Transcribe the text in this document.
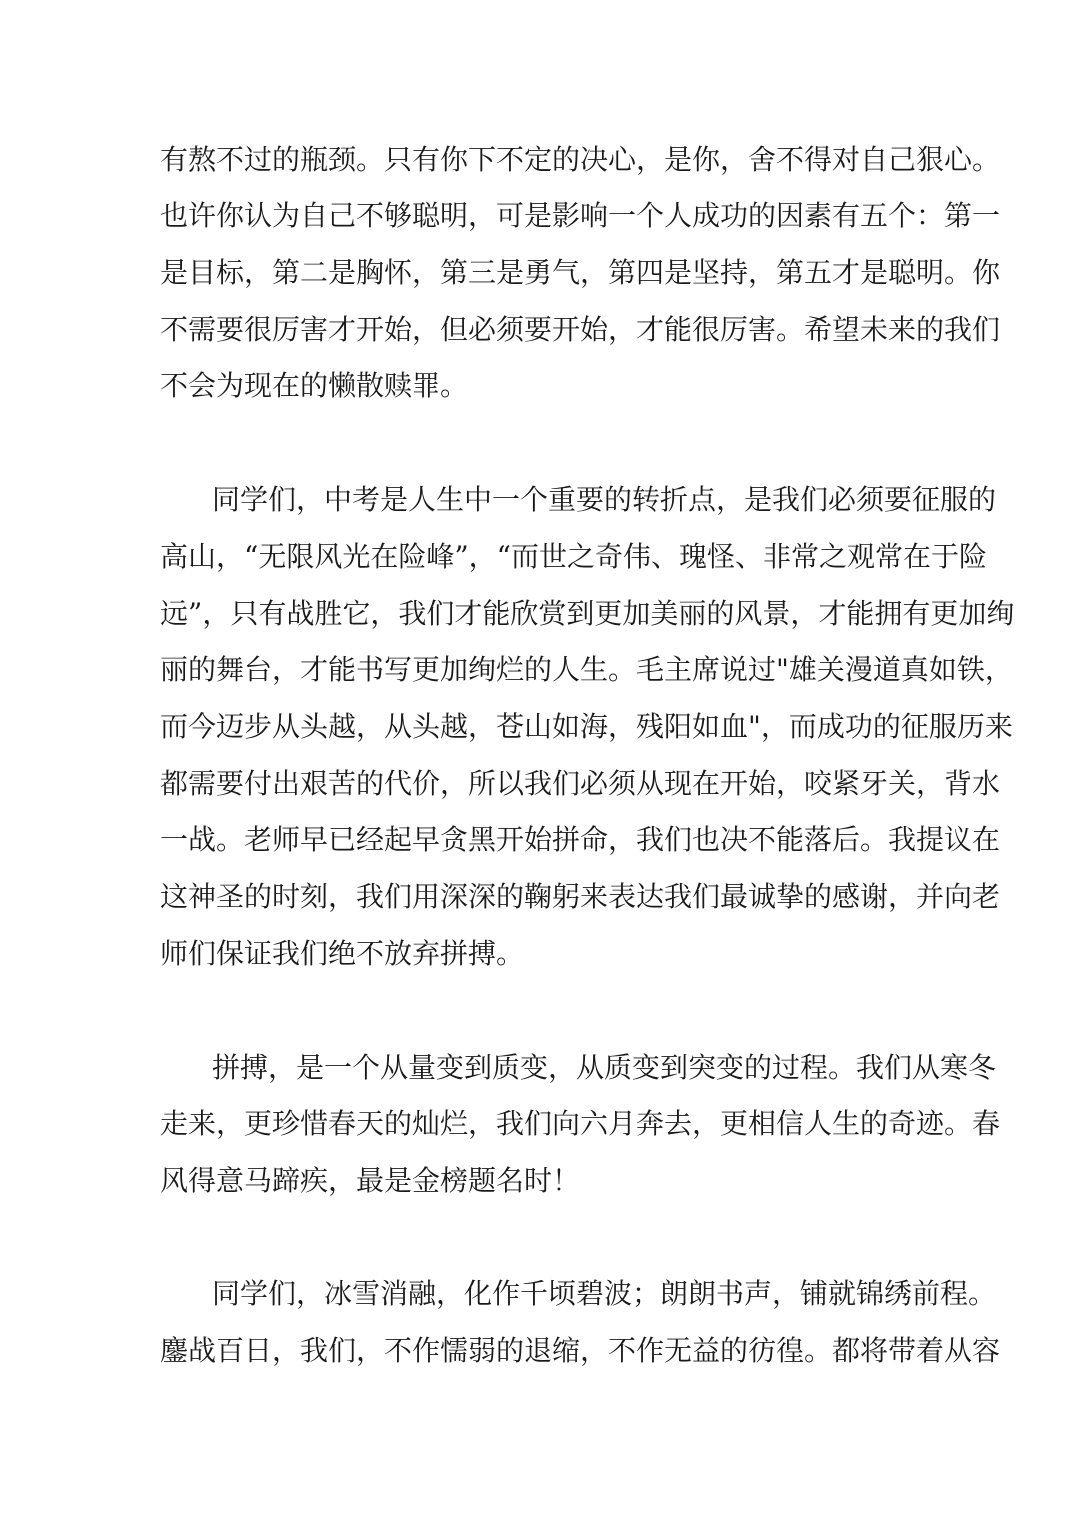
有熬不过的瓶颈。只有你下不定的决心，是你，舍不得对自己狠心。
也许你认为自己不够聪明，可是影响一个人成功的因素有五个：第一
是目标，第二是胸怀，第三是勇气，第四是坚持，第五才是聪明。你
不需要很厉害才开始，但必须要开始，才能很厉害。希望未来的我们
不会为现在的懒散赎罪。
同学们，中考是人生中一个重要的转折点，是我们必须要征服的
高山，“无限风光在险峰”，“而世之奇伟、瑰怪、非常之观常在于险
远”，只有战胜它，我们才能欣赏到更加美丽的风景，才能拥有更加绚
丽的舞台，才能书写更加绚烂的人生。毛主席说过"雄关漫道真如铁，
而今迈步从头越，从头越，苍山如海，残阳如血"，而成功的征服历来
都需要付出艰苦的代价，所以我们必须从现在开始，咬紧牙关，背水
一战。老师早已经起早贪黑开始拼命，我们也决不能落后。我提议在
这神圣的时刻，我们用深深的鞠躬来表达我们最诚挚的感谢，并向老
师们保证我们绝不放弃拼搏。
拼搏，是一个从量变到质变，从质变到突变的过程。我们从寒冬
走来，更珍惜春天的灿烂，我们向六月奔去，更相信人生的奇迹。春
风得意马蹄疾，最是金榜题名时！
同学们，冰雪消融，化作千顷碧波；朗朗书声，铺就锦绣前程。
鏖战百日，我们，不作懦弱的退缩，不作无益的彷徨。都将带着从容
